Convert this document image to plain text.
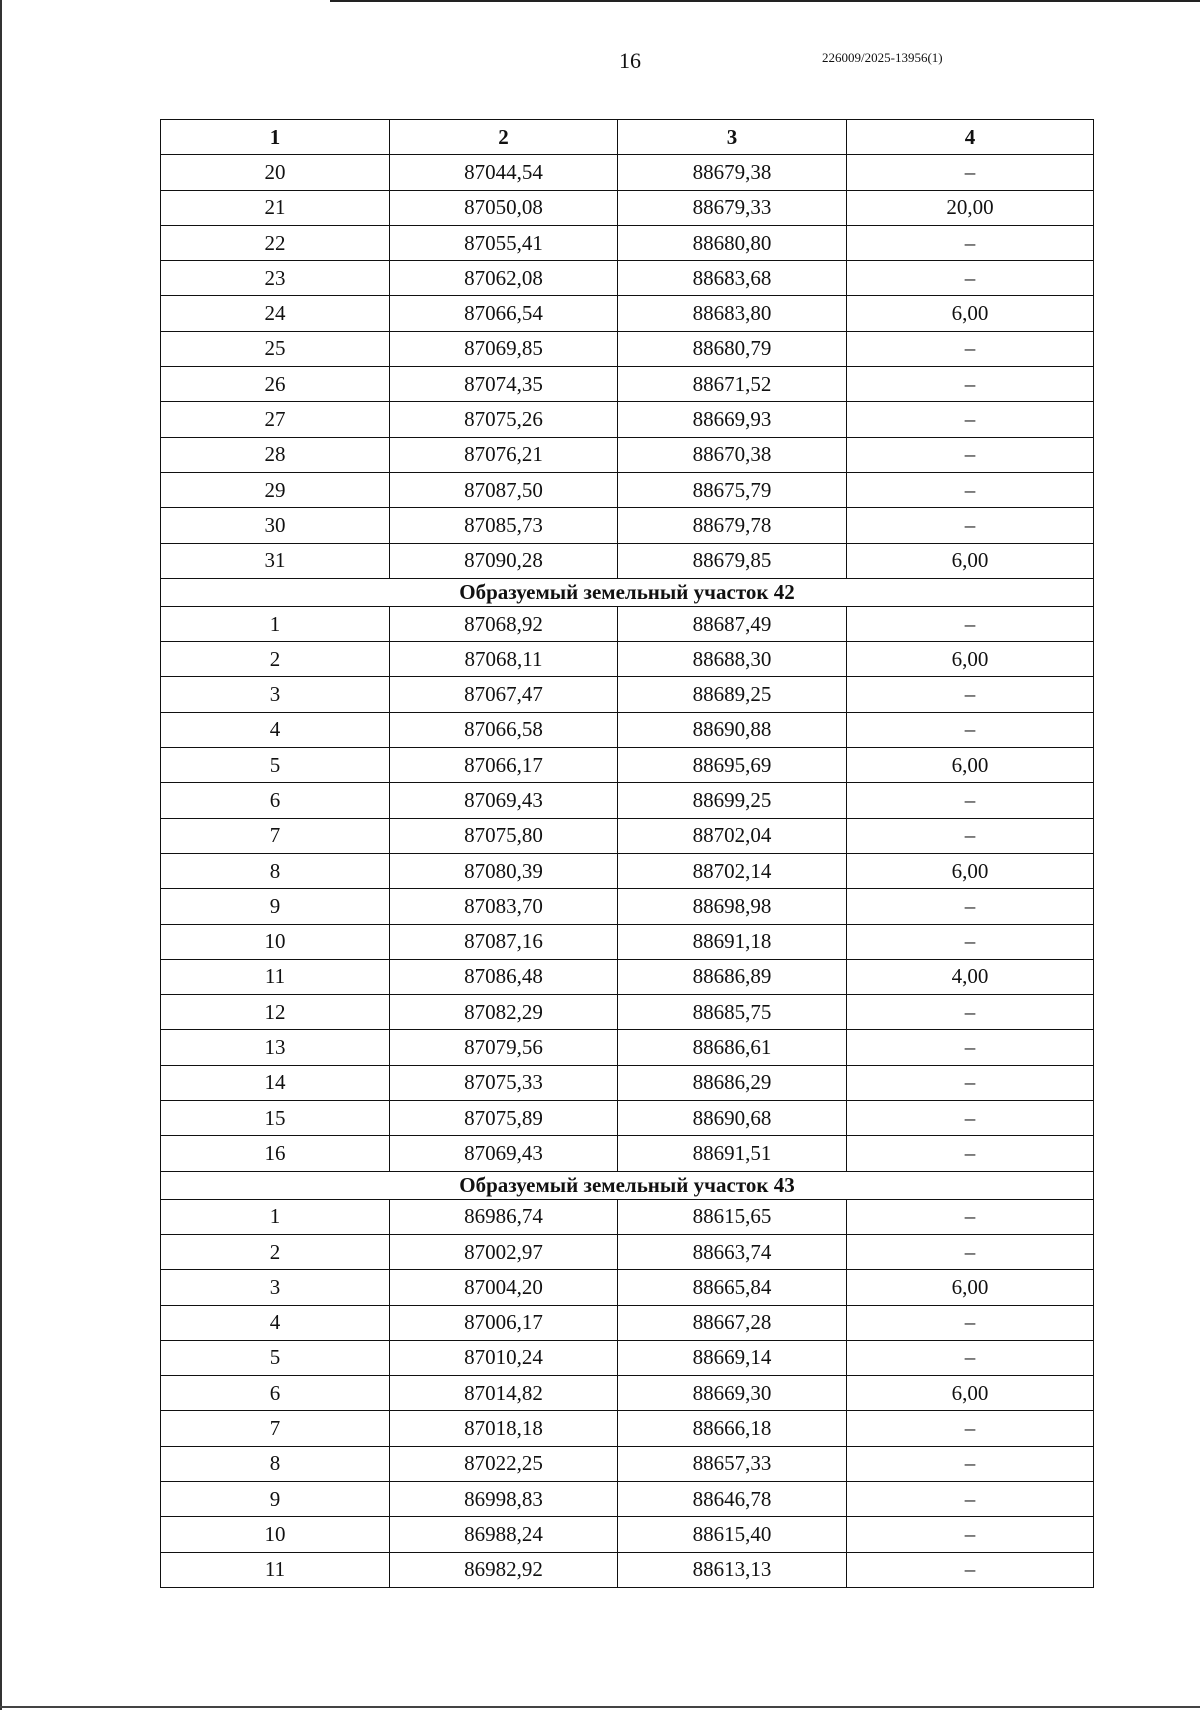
16	226009/2025-13956(1)
1	2	3	4
20	87044,54	88679,38	–
21	87050,08	88679,33	20,00
22	87055,41	88680,80	–
23	87062,08	88683,68	–
24	87066,54	88683,80	6,00
25	87069,85	88680,79	–
26	87074,35	88671,52	–
27	87075,26	88669,93	–
28	87076,21	88670,38	–
29	87087,50	88675,79	–
30	87085,73	88679,78	–
31	87090,28	88679,85	6,00
Образуемый земельный участок 42			
1	87068,92	88687,49	–
2	87068,11	88688,30	6,00
3	87067,47	88689,25	–
4	87066,58	88690,88	–
5	87066,17	88695,69	6,00
6	87069,43	88699,25	–
7	87075,80	88702,04	–
8	87080,39	88702,14	6,00
9	87083,70	88698,98	–
10	87087,16	88691,18	–
11	87086,48	88686,89	4,00
12	87082,29	88685,75	–
13	87079,56	88686,61	–
14	87075,33	88686,29	–
15	87075,89	88690,68	–
16	87069,43	88691,51	–
Образуемый земельный участок 43			
1	86986,74	88615,65	–
2	87002,97	88663,74	–
3	87004,20	88665,84	6,00
4	87006,17	88667,28	–
5	87010,24	88669,14	–
6	87014,82	88669,30	6,00
7	87018,18	88666,18	–
8	87022,25	88657,33	–
9	86998,83	88646,78	–
10	86988,24	88615,40	–
11	86982,92	88613,13	–
